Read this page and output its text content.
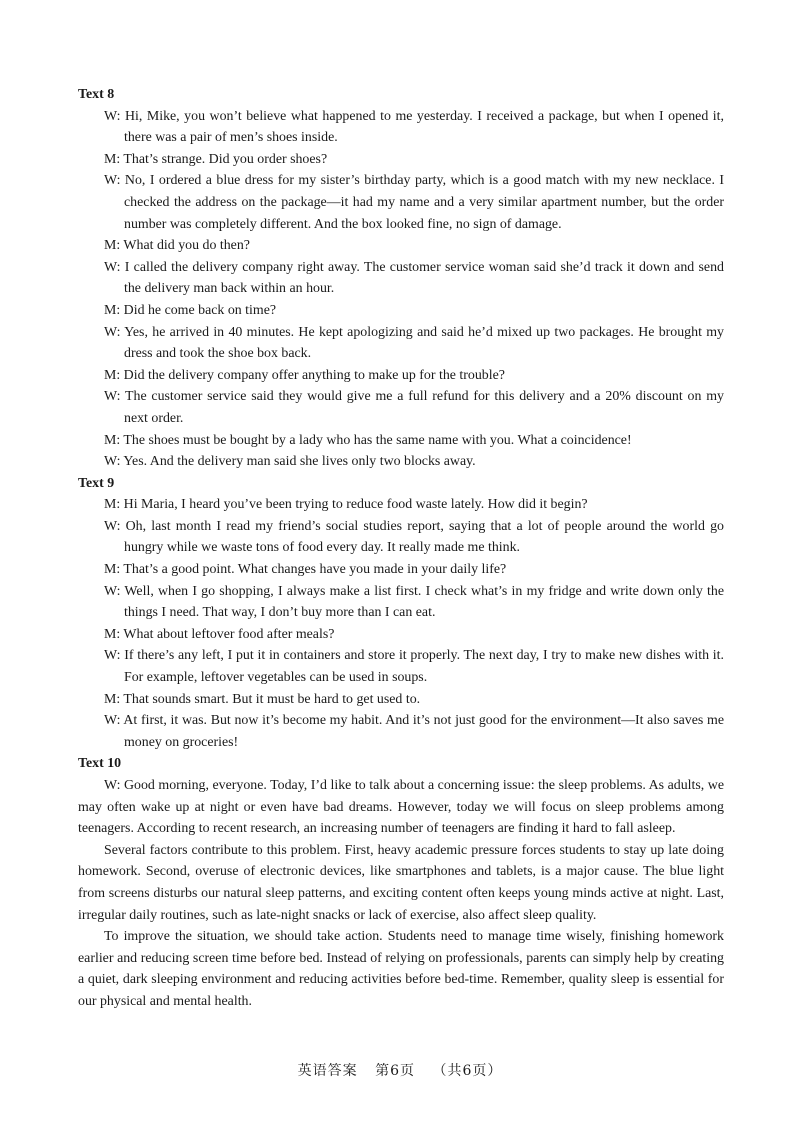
Text 8

W: Hi, Mike, you won’t believe what happened to me yesterday. I received a package, but when I opened it, there was a pair of men’s shoes inside.

M: That’s strange. Did you order shoes?

W: No, I ordered a blue dress for my sister’s birthday party, which is a good match with my new necklace. I checked the address on the package—it had my name and a very similar apartment number, but the order number was completely different. And the box looked fine, no sign of damage.

M: What did you do then?

W: I called the delivery company right away. The customer service woman said she’d track it down and send the delivery man back within an hour.

M: Did he come back on time?

W: Yes, he arrived in 40 minutes. He kept apologizing and said he’d mixed up two packages. He brought my dress and took the shoe box back.

M: Did the delivery company offer anything to make up for the trouble?

W: The customer service said they would give me a full refund for this delivery and a 20% discount on my next order.

M: The shoes must be bought by a lady who has the same name with you. What a coincidence!

W: Yes. And the delivery man said she lives only two blocks away.

Text 9

M: Hi Maria, I heard you’ve been trying to reduce food waste lately. How did it begin?

W: Oh, last month I read my friend’s social studies report, saying that a lot of people around the world go hungry while we waste tons of food every day. It really made me think.

M: That’s a good point. What changes have you made in your daily life?

W: Well, when I go shopping, I always make a list first. I check what’s in my fridge and write down only the things I need. That way, I don’t buy more than I can eat.

M: What about leftover food after meals?

W: If there’s any left, I put it in containers and store it properly. The next day, I try to make new dishes with it. For example, leftover vegetables can be used in soups.

M: That sounds smart. But it must be hard to get used to.

W: At first, it was. But now it’s become my habit. And it’s not just good for the environment—It also saves me money on groceries!

Text 10

W: Good morning, everyone. Today, I’d like to talk about a concerning issue: the sleep problems. As adults, we may often wake up at night or even have bad dreams. However, today we will focus on sleep problems among teenagers. According to recent research, an increasing number of teenagers are finding it hard to fall asleep.

Several factors contribute to this problem. First, heavy academic pressure forces students to stay up late doing homework. Second, overuse of electronic devices, like smartphones and tablets, is a major cause. The blue light from screens disturbs our natural sleep patterns, and exciting content often keeps young minds active at night. Last, irregular daily routines, such as late-night snacks or lack of exercise, also affect sleep quality.

To improve the situation, we should take action. Students need to manage time wisely, finishing homework earlier and reducing screen time before bed. Instead of relying on professionals, parents can simply help by creating a quiet, dark sleeping environment and reducing activities before bed-time. Remember, quality sleep is essential for our physical and mental health.

英语答案 第6页 （共6页）
